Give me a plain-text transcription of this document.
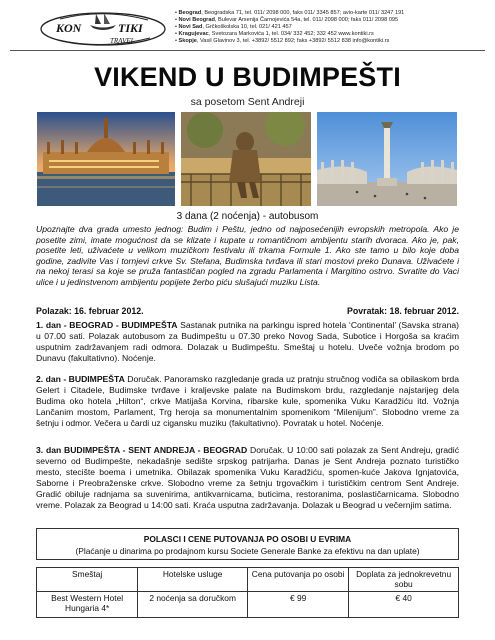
KON	TIKI
TRAVEL
• Beograd, Beogradska 71, tel. 011/ 2098 000, faks 011/ 3345 857; avio-karte 011/ 3247 191
• Novi Beograd, Bulevar Arsenija Čarnojevića 54a, tel. 011/ 2098 000; faks 011/ 2098 095
• Novi Sad, Grčkoškolska 10, tel. 021/ 421 457
• Kragujevac, Svetozara Markovića 1, tel. 034/ 332 452; 332 452 www.kontiki.rs
• Skopje, Vasil Glavinov 3, tel. +3892/ 5512 892; faks +3892/ 5512 838 info@kontiki.rs
VIKEND U BUDIMPEŠTI
sa posetom Sent Andreji
3 dana (2 noćenja) - autobusom
Upoznajte dva grada umesto jednog: Budim i Peštu, jedno od najposećenijih evropskih metropola. Ako je posetite zimi, imate mogućnost da se klizate i kupate u romantičnom ambijentu starih dvoraca. Ako je, pak, posetite leti, uživaćete u velikom muzičkom festivalu ili trkama Formule 1. Ako ste tamo u bilo koje doba godine, zadivite Vas i tornjevi crkve Sv. Stefana, Budimska tvrđava ili stari mostovi preko Dunava. Uživaćete i na nekoj terasi sa koje se pruža fantastičan pogled na zgradu Parlamenta i Margitino ostrvo. Svratite do Vaci ulice i u jedinstvenom ambijentu popijete žerbo piću slušajući muziku Lista.
Polazak: 16. februar 2012.	Povratak: 18. februar 2012.
1. dan - BEOGRAD - BUDIMPEŠTA Sastanak putnika na parkingu ispred hotela ‘Continental’ (Savska strana) u 07.00 sati. Polazak autobusom za Budimpeštu u 07.30 preko Novog Sada, Subotice i Horgoša sa kraćim usputnim zadržavanjem radi odmora. Dolazak u Budimpeštu. Smeštaj u hotelu. Uveče vožnja brodom po Dunavu (fakultativno). Noćenje.
2. dan - BUDIMPEŠTA Doručak. Panoramsko razgledanje grada uz pratnju stručnog vodiča sa obilaskom brda Gelert i Citadele, Budimske tvrđave i kraljevske palate na Budimskom brdu, razgledanje najstarijeg dela Budima oko hotela „Hilton“, crkve Matijaša Korvina, ribarske kule, spomenika Vuku Karadžiću itd. Vožnja Lančanim mostom, Parlament, Trg heroja sa monumentalnim spomenikom “Milenijum”. Slobodno vreme za šetnju i odmor. Večera u čardi uz cigansku muziku (fakultativno). Povratak u hotel. Noćenje.
3. dan BUDIMPEŠTA - SENT ANDREJA - BEOGRAD Doručak. U 10:00 sati polazak za Sent Andreju, gradić severno od Budimpešte, nekadašnje sedište srpskog patrijarha. Danas je Sent Andreja poznato turističko mesto, stecište boema i umetnika. Obilazak spomenika Vuku Karadžiću, spomen-kuće Jakova Ignjatovića, Saborne i Preobraženske crkve. Slobodno vreme za šetnju trgovačkim i turističkim centrom Sent Andreje. Gradić obiluje radnjama sa suvenirima, antikvarnicama, buticima, restoranima, poslastičarnicama. Slobodno vreme. Polazak za Beograd u 14:00 sati. Kraća usputna zadržavanja. Dolazak u Beograd u večernjim satima.
POLASCI I CENE PUTOVANJA PO OSOBI U EVRIMA
(Plaćanje u dinarima po prodajnom kursu Societe Generale Banke za efektivu na dan uplate)
Smeštaj	Hotelske usluge	Cena putovanja po osobi	Doplata za jednokrevetnu sobu
Best Western Hotel Hungaria 4*	2 noćenja sa doručkom	€ 99	€ 40
